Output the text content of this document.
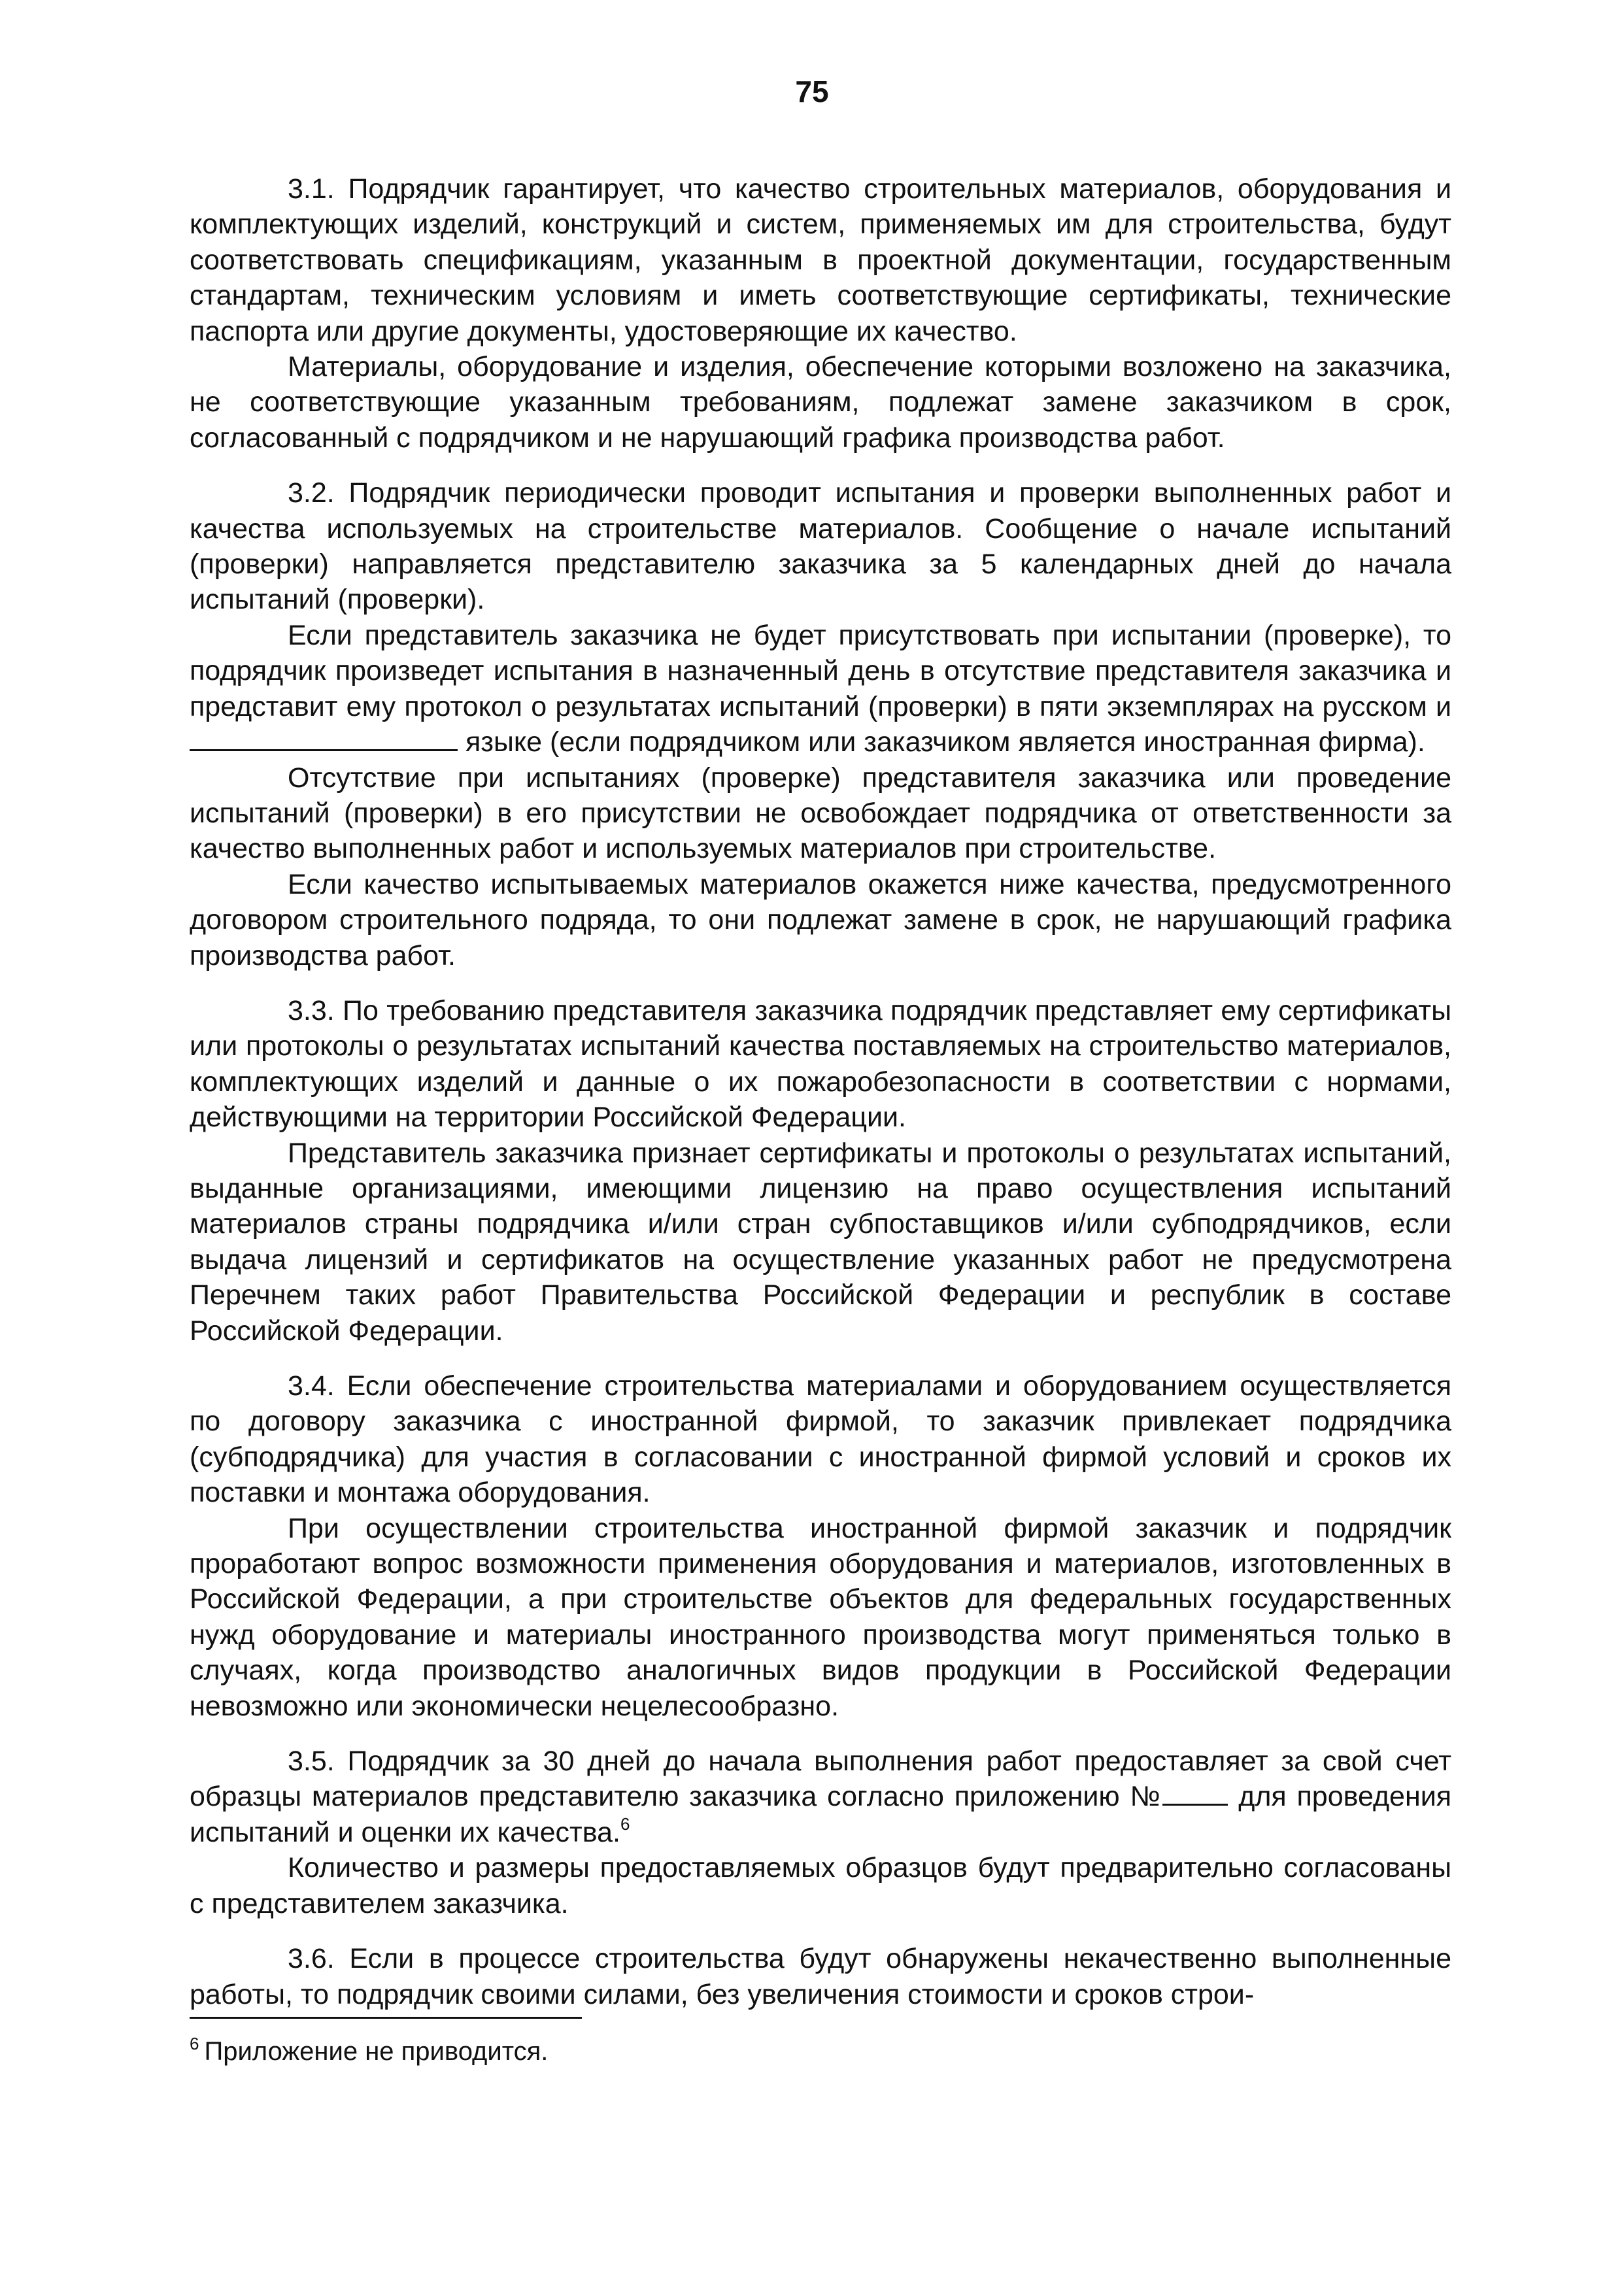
75

3.1. Подрядчик гарантирует, что качество строительных материалов, оборудования и комплектующих изделий, конструкций и систем, применяемых им для строительства, будут соответствовать спецификациям, указанным в проектной документации, государственным стандартам, техническим условиям и иметь соответствующие сертификаты, технические паспорта или другие документы, удостоверяющие их качество.

Материалы, оборудование и изделия, обеспечение которыми возложено на заказчика, не соответствующие указанным требованиям, подлежат замене заказчиком в срок, согласованный с подрядчиком и не нарушающий графика производства работ.

3.2. Подрядчик периодически проводит испытания и проверки выполненных работ и качества используемых на строительстве материалов. Сообщение о начале испытаний (проверки) направляется представителю заказчика за 5 календарных дней до начала испытаний (проверки).

Если представитель заказчика не будет присутствовать при испытании (проверке), то подрядчик произведет испытания в назначенный день в отсутствие представителя заказчика и представит ему протокол о результатах испытаний (проверки) в пяти экземплярах на русском и  языке (если подрядчиком или заказчиком является иностранная фирма).

Отсутствие при испытаниях (проверке) представителя заказчика или проведение испытаний (проверки) в его присутствии не освобождает подрядчика от ответственности за качество выполненных работ и используемых материалов при строительстве.

Если качество испытываемых материалов окажется ниже качества, предусмотренного договором строительного подряда, то они подлежат замене в срок, не нарушающий графика производства работ.

3.3. По требованию представителя заказчика подрядчик представляет ему сертификаты или протоколы о результатах испытаний качества поставляемых на строительство материалов, комплектующих изделий и данные о их пожаробезопасности в соответствии с нормами, действующими на территории Российской Федерации.

Представитель заказчика признает сертификаты и протоколы о результатах испытаний, выданные организациями, имеющими лицензию на право осуществления испытаний материалов страны подрядчика и/или стран субпоставщиков и/или субподрядчиков, если выдача лицензий и сертификатов на осуществление указанных работ не предусмотрена Перечнем таких работ Правительства Российской Федерации и республик в составе Российской Федерации.

3.4. Если обеспечение строительства материалами и оборудованием осуществляется по договору заказчика с иностранной фирмой, то заказчик привлекает подрядчика (субподрядчика) для участия в согласовании с иностранной фирмой условий и сроков их поставки и монтажа оборудования.

При осуществлении строительства иностранной фирмой заказчик и подрядчик проработают вопрос возможности применения оборудования и материалов, изготовленных в Российской Федерации, а при строительстве объектов для федеральных государственных нужд оборудование и материалы иностранного производства могут применяться только в случаях, когда производство аналогичных видов продукции в Российской Федерации невозможно или экономически нецелесообразно.

3.5. Подрядчик за 30 дней до начала выполнения работ предоставляет за свой счет образцы материалов представителю заказчика согласно приложению №	для проведения испытаний и оценки их качества.$^6$

Количество и размеры предоставляемых образцов будут предварительно согласованы с представителем заказчика.

3.6. Если в процессе строительства будут обнаружены некачественно выполненные работы, то подрядчик своими силами, без увеличения стоимости и сроков строи-

$^6$ Приложение не приводится.
